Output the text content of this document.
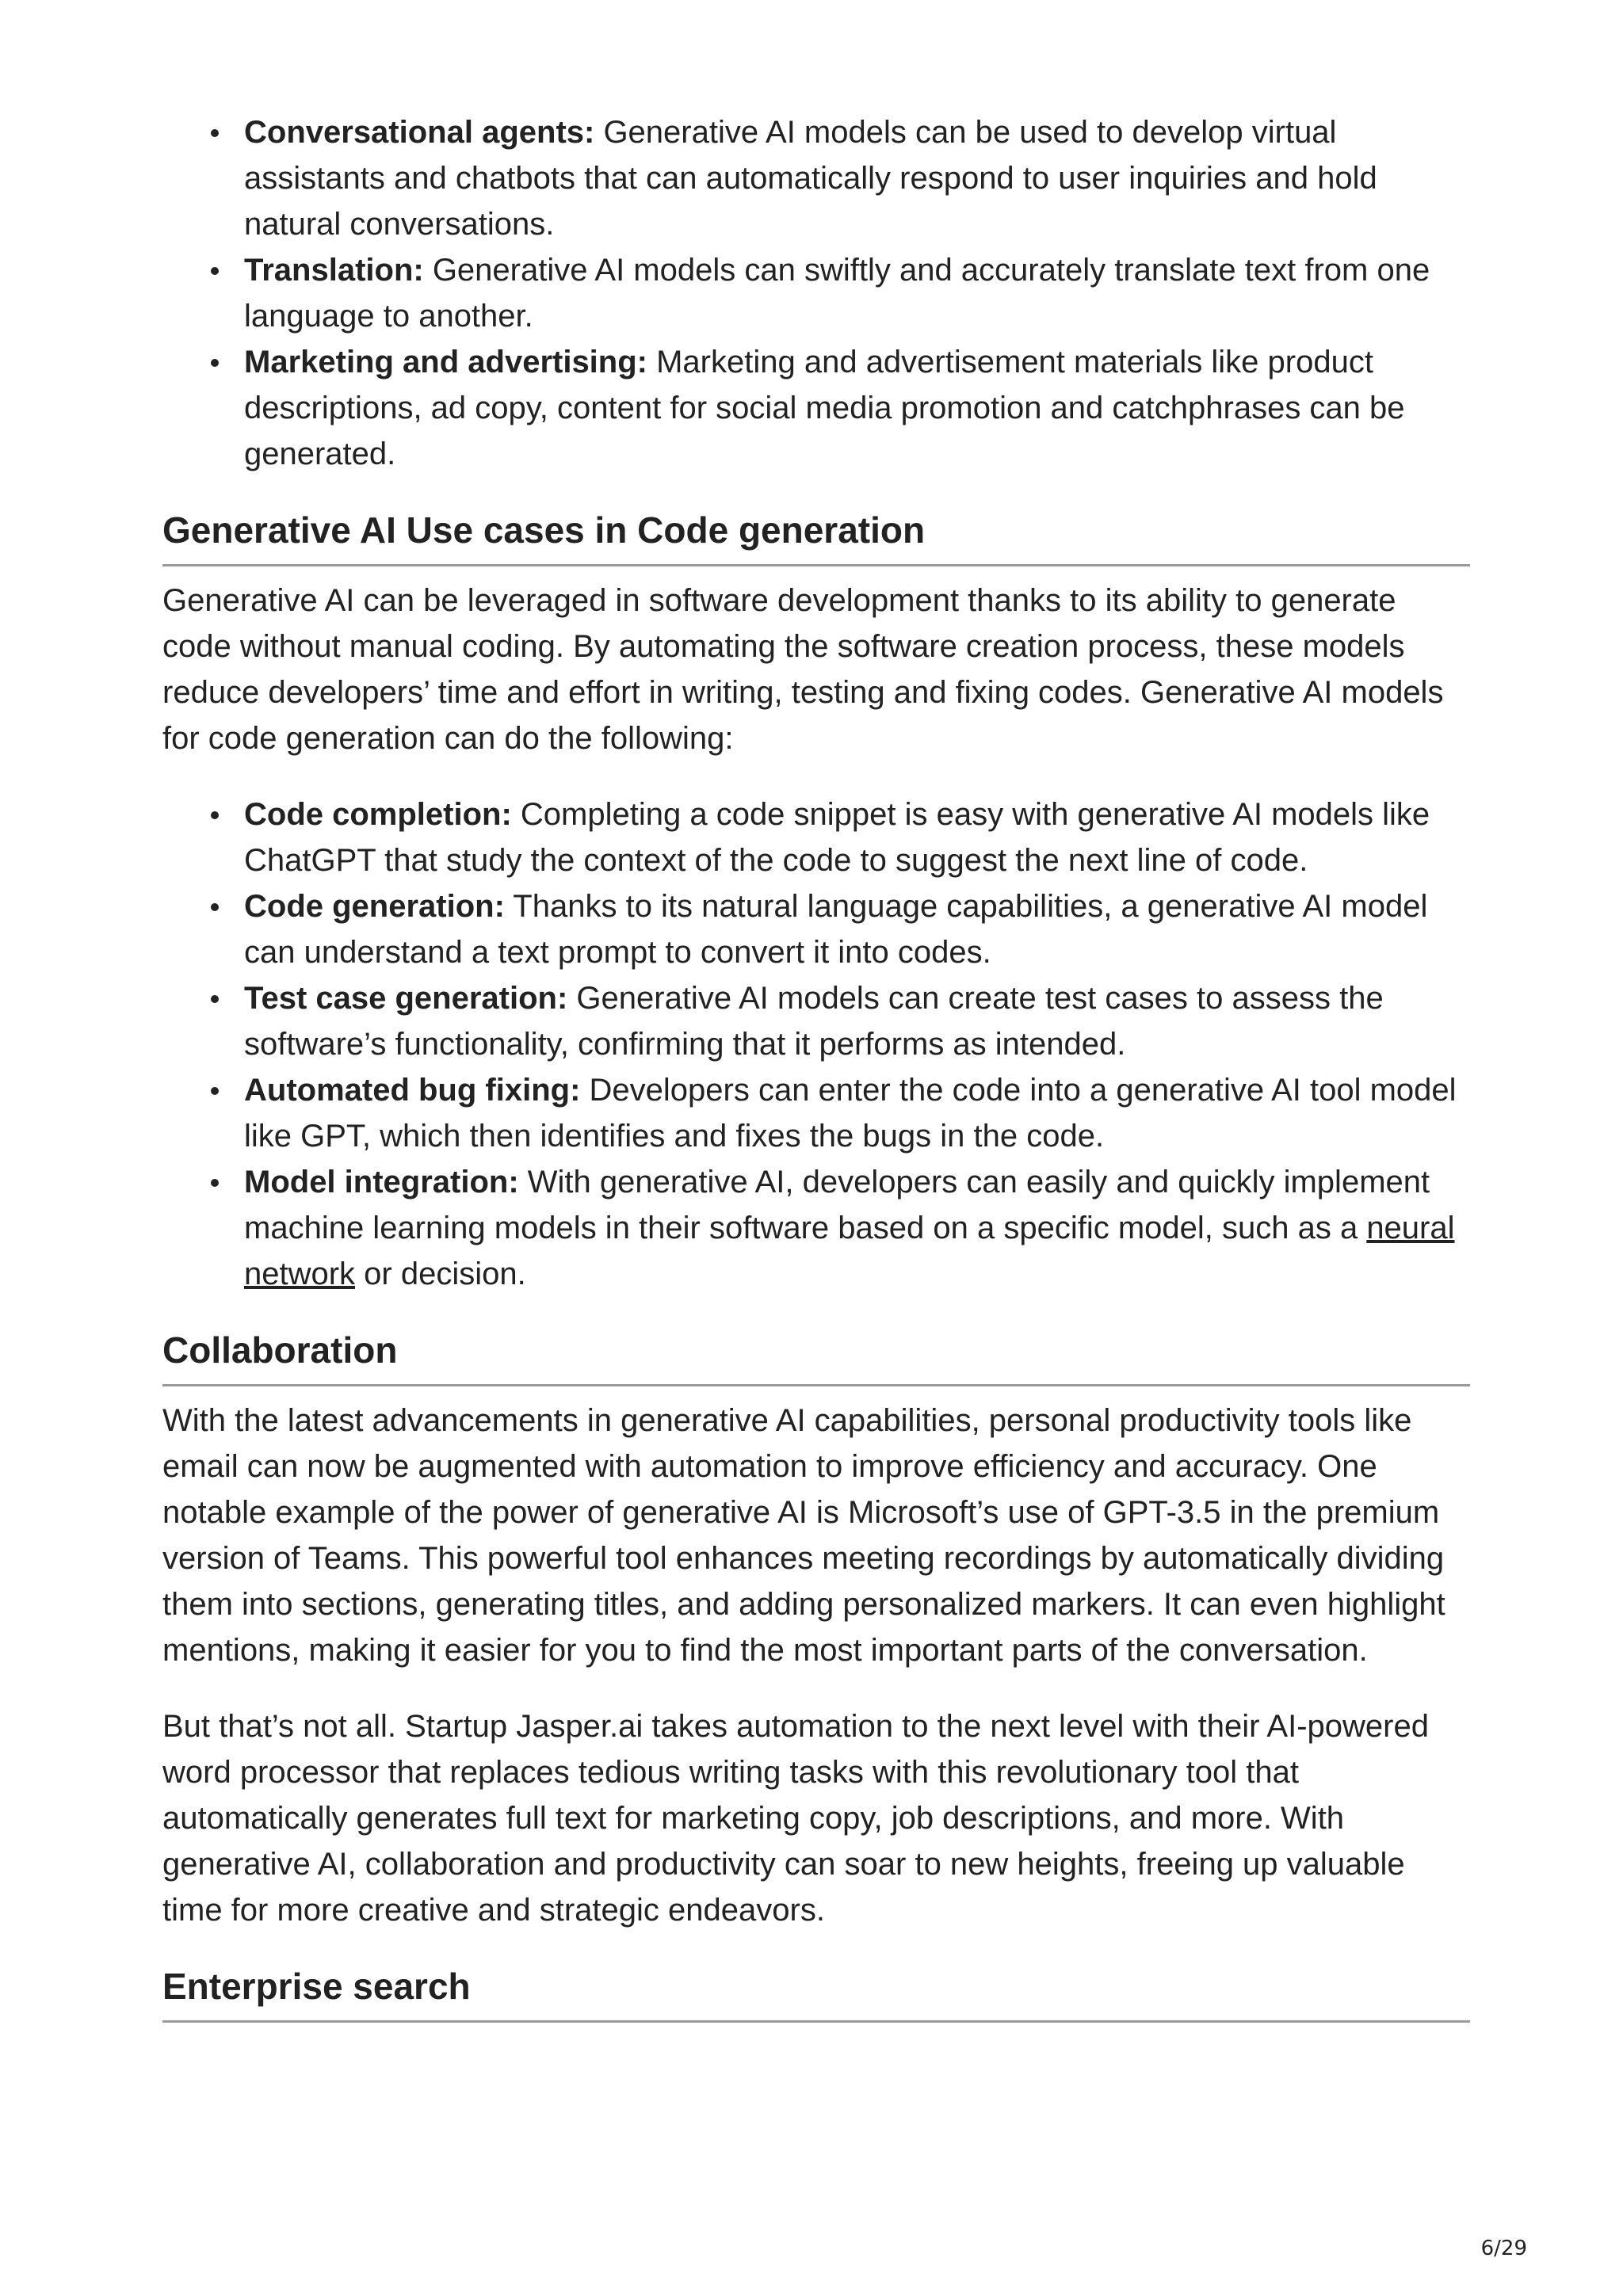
Conversational agents: Generative AI models can be used to develop virtual assistants and chatbots that can automatically respond to user inquiries and hold natural conversations.
Translation: Generative AI models can swiftly and accurately translate text from one language to another.
Marketing and advertising: Marketing and advertisement materials like product descriptions, ad copy, content for social media promotion and catchphrases can be generated.
Generative AI Use cases in Code generation

Generative AI can be leveraged in software development thanks to its ability to generate code without manual coding. By automating the software creation process, these models reduce developers’ time and effort in writing, testing and fixing codes. Generative AI models for code generation can do the following:

Code completion: Completing a code snippet is easy with generative AI models like ChatGPT that study the context of the code to suggest the next line of code.
Code generation: Thanks to its natural language capabilities, a generative AI model can understand a text prompt to convert it into codes.
Test case generation: Generative AI models can create test cases to assess the software’s functionality, confirming that it performs as intended.
Automated bug fixing: Developers can enter the code into a generative AI tool model like GPT, which then identifies and fixes the bugs in the code.
Model integration: With generative AI, developers can easily and quickly implement machine learning models in their software based on a specific model, such as a neural network or decision.
Collaboration

With the latest advancements in generative AI capabilities, personal productivity tools like email can now be augmented with automation to improve efficiency and accuracy. One notable example of the power of generative AI is Microsoft’s use of GPT-3.5 in the premium version of Teams. This powerful tool enhances meeting recordings by automatically dividing them into sections, generating titles, and adding personalized markers. It can even highlight mentions, making it easier for you to find the most important parts of the conversation.

But that’s not all. Startup Jasper.ai takes automation to the next level with their AI-powered word processor that replaces tedious writing tasks with this revolutionary tool that automatically generates full text for marketing copy, job descriptions, and more. With generative AI, collaboration and productivity can soar to new heights, freeing up valuable time for more creative and strategic endeavors.

Enterprise search
6/29
